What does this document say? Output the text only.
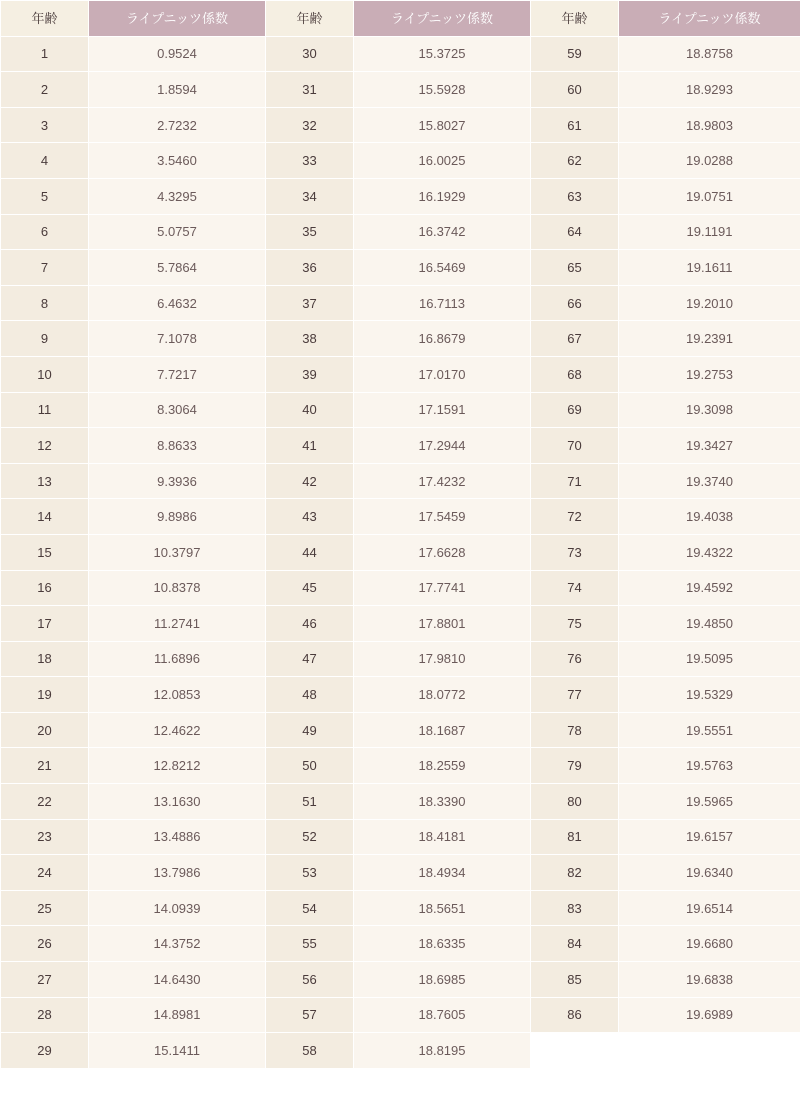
年齢	ライプニッツ係数	年齢	ライプニッツ係数	年齢	ライプニッツ係数
1	0.9524	30	15.3725	59	18.8758
2	1.8594	31	15.5928	60	18.9293
3	2.7232	32	15.8027	61	18.9803
4	3.5460	33	16.0025	62	19.0288
5	4.3295	34	16.1929	63	19.0751
6	5.0757	35	16.3742	64	19.1191
7	5.7864	36	16.5469	65	19.1611
8	6.4632	37	16.7113	66	19.2010
9	7.1078	38	16.8679	67	19.2391
10	7.7217	39	17.0170	68	19.2753
11	8.3064	40	17.1591	69	19.3098
12	8.8633	41	17.2944	70	19.3427
13	9.3936	42	17.4232	71	19.3740
14	9.8986	43	17.5459	72	19.4038
15	10.3797	44	17.6628	73	19.4322
16	10.8378	45	17.7741	74	19.4592
17	11.2741	46	17.8801	75	19.4850
18	11.6896	47	17.9810	76	19.5095
19	12.0853	48	18.0772	77	19.5329
20	12.4622	49	18.1687	78	19.5551
21	12.8212	50	18.2559	79	19.5763
22	13.1630	51	18.3390	80	19.5965
23	13.4886	52	18.4181	81	19.6157
24	13.7986	53	18.4934	82	19.6340
25	14.0939	54	18.5651	83	19.6514
26	14.3752	55	18.6335	84	19.6680
27	14.6430	56	18.6985	85	19.6838
28	14.8981	57	18.7605	86	19.6989
29	15.1411	58	18.8195		
